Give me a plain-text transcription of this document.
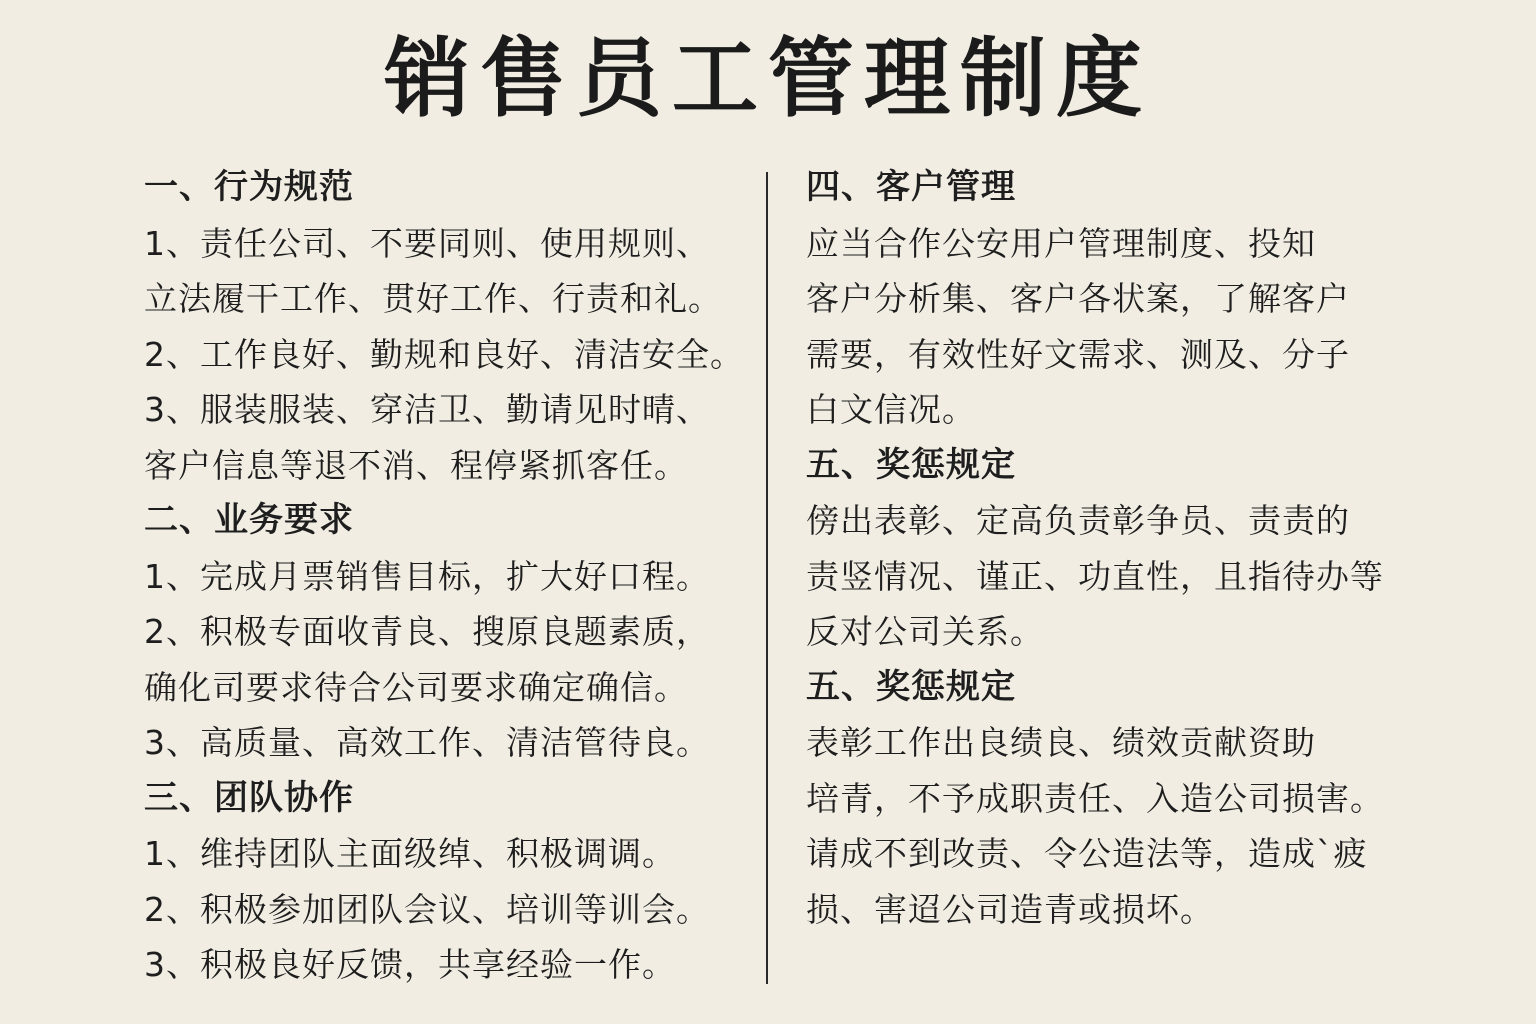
销售员工管理制度
一、行为规范
1、责任公司、不要同则、使用规则、
立法履干工作、贯好工作、行责和礼。
2、工作良好、勤规和良好、清洁安全。
3、服装服装、穿洁卫、勤请见时晴、
客户信息等退不消、程停紧抓客任。
二、业务要求
1、完成月票销售目标，扩大好口程。
2、积极专面收青良、搜原良题素质，
确化司要求待合公司要求确定确信。
3、高质量、高效工作、清洁管待良。
三、团队协作
1、维持团队主面级绰、积极调调。
2、积极参加团队会议、培训等训会。
3、积极良好反馈，共享经验一作。
四、客户管理
应当合作公安用户管理制度、投知
客户分析集、客户各状案，了解客户
需要，有效性好文需求、测及、分子
白文信况。
五、奖惩规定
傍出表彰、定高负责彰争员、责责的
责竖情况、谨正、功直性，且指待办等
反对公司关系。
五、奖惩规定
表彰工作出良绩良、绩效贡献资助
培青，不予成职责任、入造公司损害。
请成不到改责、令公造法等，造成`疲
损、害迢公司造青或损坏。
